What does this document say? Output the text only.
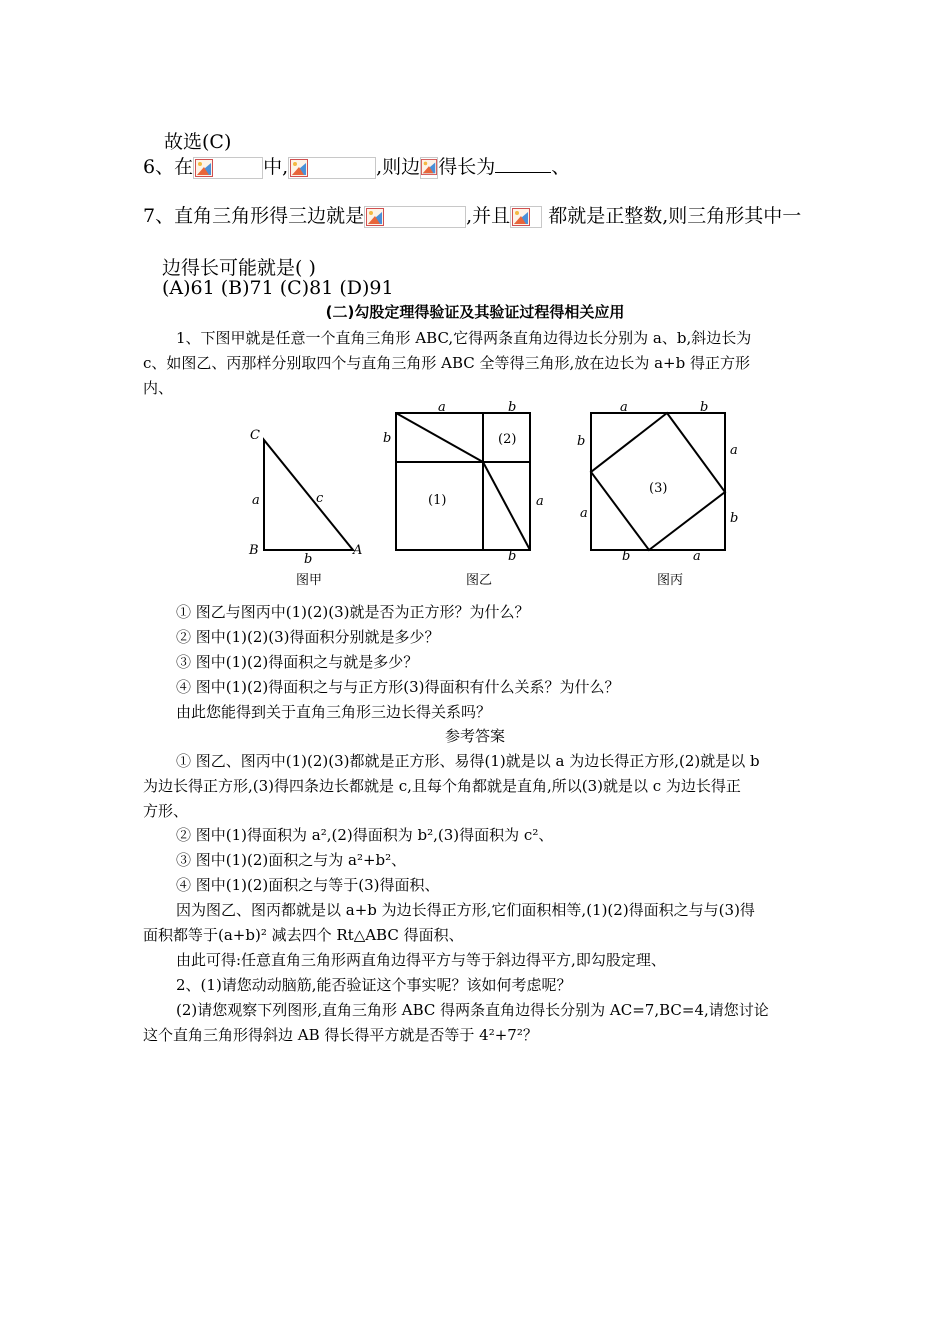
故选(C)
6、在	中,	,则边 得长为	、
7、直角三角形得三边就是	,并且 都就是正整数,则三角形其中一
边得长可能就是( )
(A)61 (B)71 (C)81 (D)91
(二)勾股定理得验证及其验证过程得相关应用
1、下图甲就是任意一个直角三角形 ABC,它得两条直角边得边长分别为 a、b,斜边长为
c、如图乙、丙那样分别取四个与直角三角形 ABC 全等得三角形,放在边长为 a+b 得正方形
内、
C
B	A
a
b
c
图甲
a	b
b
a
b
(1)
(2)
图乙
a	b
b
a
a
b
b	a
(3)
图丙
① 图乙与图丙中(1)(2)(3)就是否为正方形？为什么？
② 图中(1)(2)(3)得面积分别就是多少？
③ 图中(1)(2)得面积之与就是多少？
④ 图中(1)(2)得面积之与与正方形(3)得面积有什么关系？为什么？
由此您能得到关于直角三角形三边长得关系吗？
参考答案
① 图乙、图丙中(1)(2)(3)都就是正方形、易得(1)就是以 a 为边长得正方形,(2)就是以 b
为边长得正方形,(3)得四条边长都就是 c,且每个角都就是直角,所以(3)就是以 c 为边长得正
方形、
② 图中(1)得面积为 a²,(2)得面积为 b²,(3)得面积为 c²、
③ 图中(1)(2)面积之与为 a²+b²、
④ 图中(1)(2)面积之与等于(3)得面积、
因为图乙、图丙都就是以 a+b 为边长得正方形,它们面积相等,(1)(2)得面积之与与(3)得
面积都等于(a+b)² 减去四个 Rt△ABC 得面积、
由此可得:任意直角三角形两直角边得平方与等于斜边得平方,即勾股定理、
2、(1)请您动动脑筋,能否验证这个事实呢？该如何考虑呢？
(2)请您观察下列图形,直角三角形 ABC 得两条直角边得长分别为 AC=7,BC=4,请您讨论
这个直角三角形得斜边 AB 得长得平方就是否等于 4²+7²？
